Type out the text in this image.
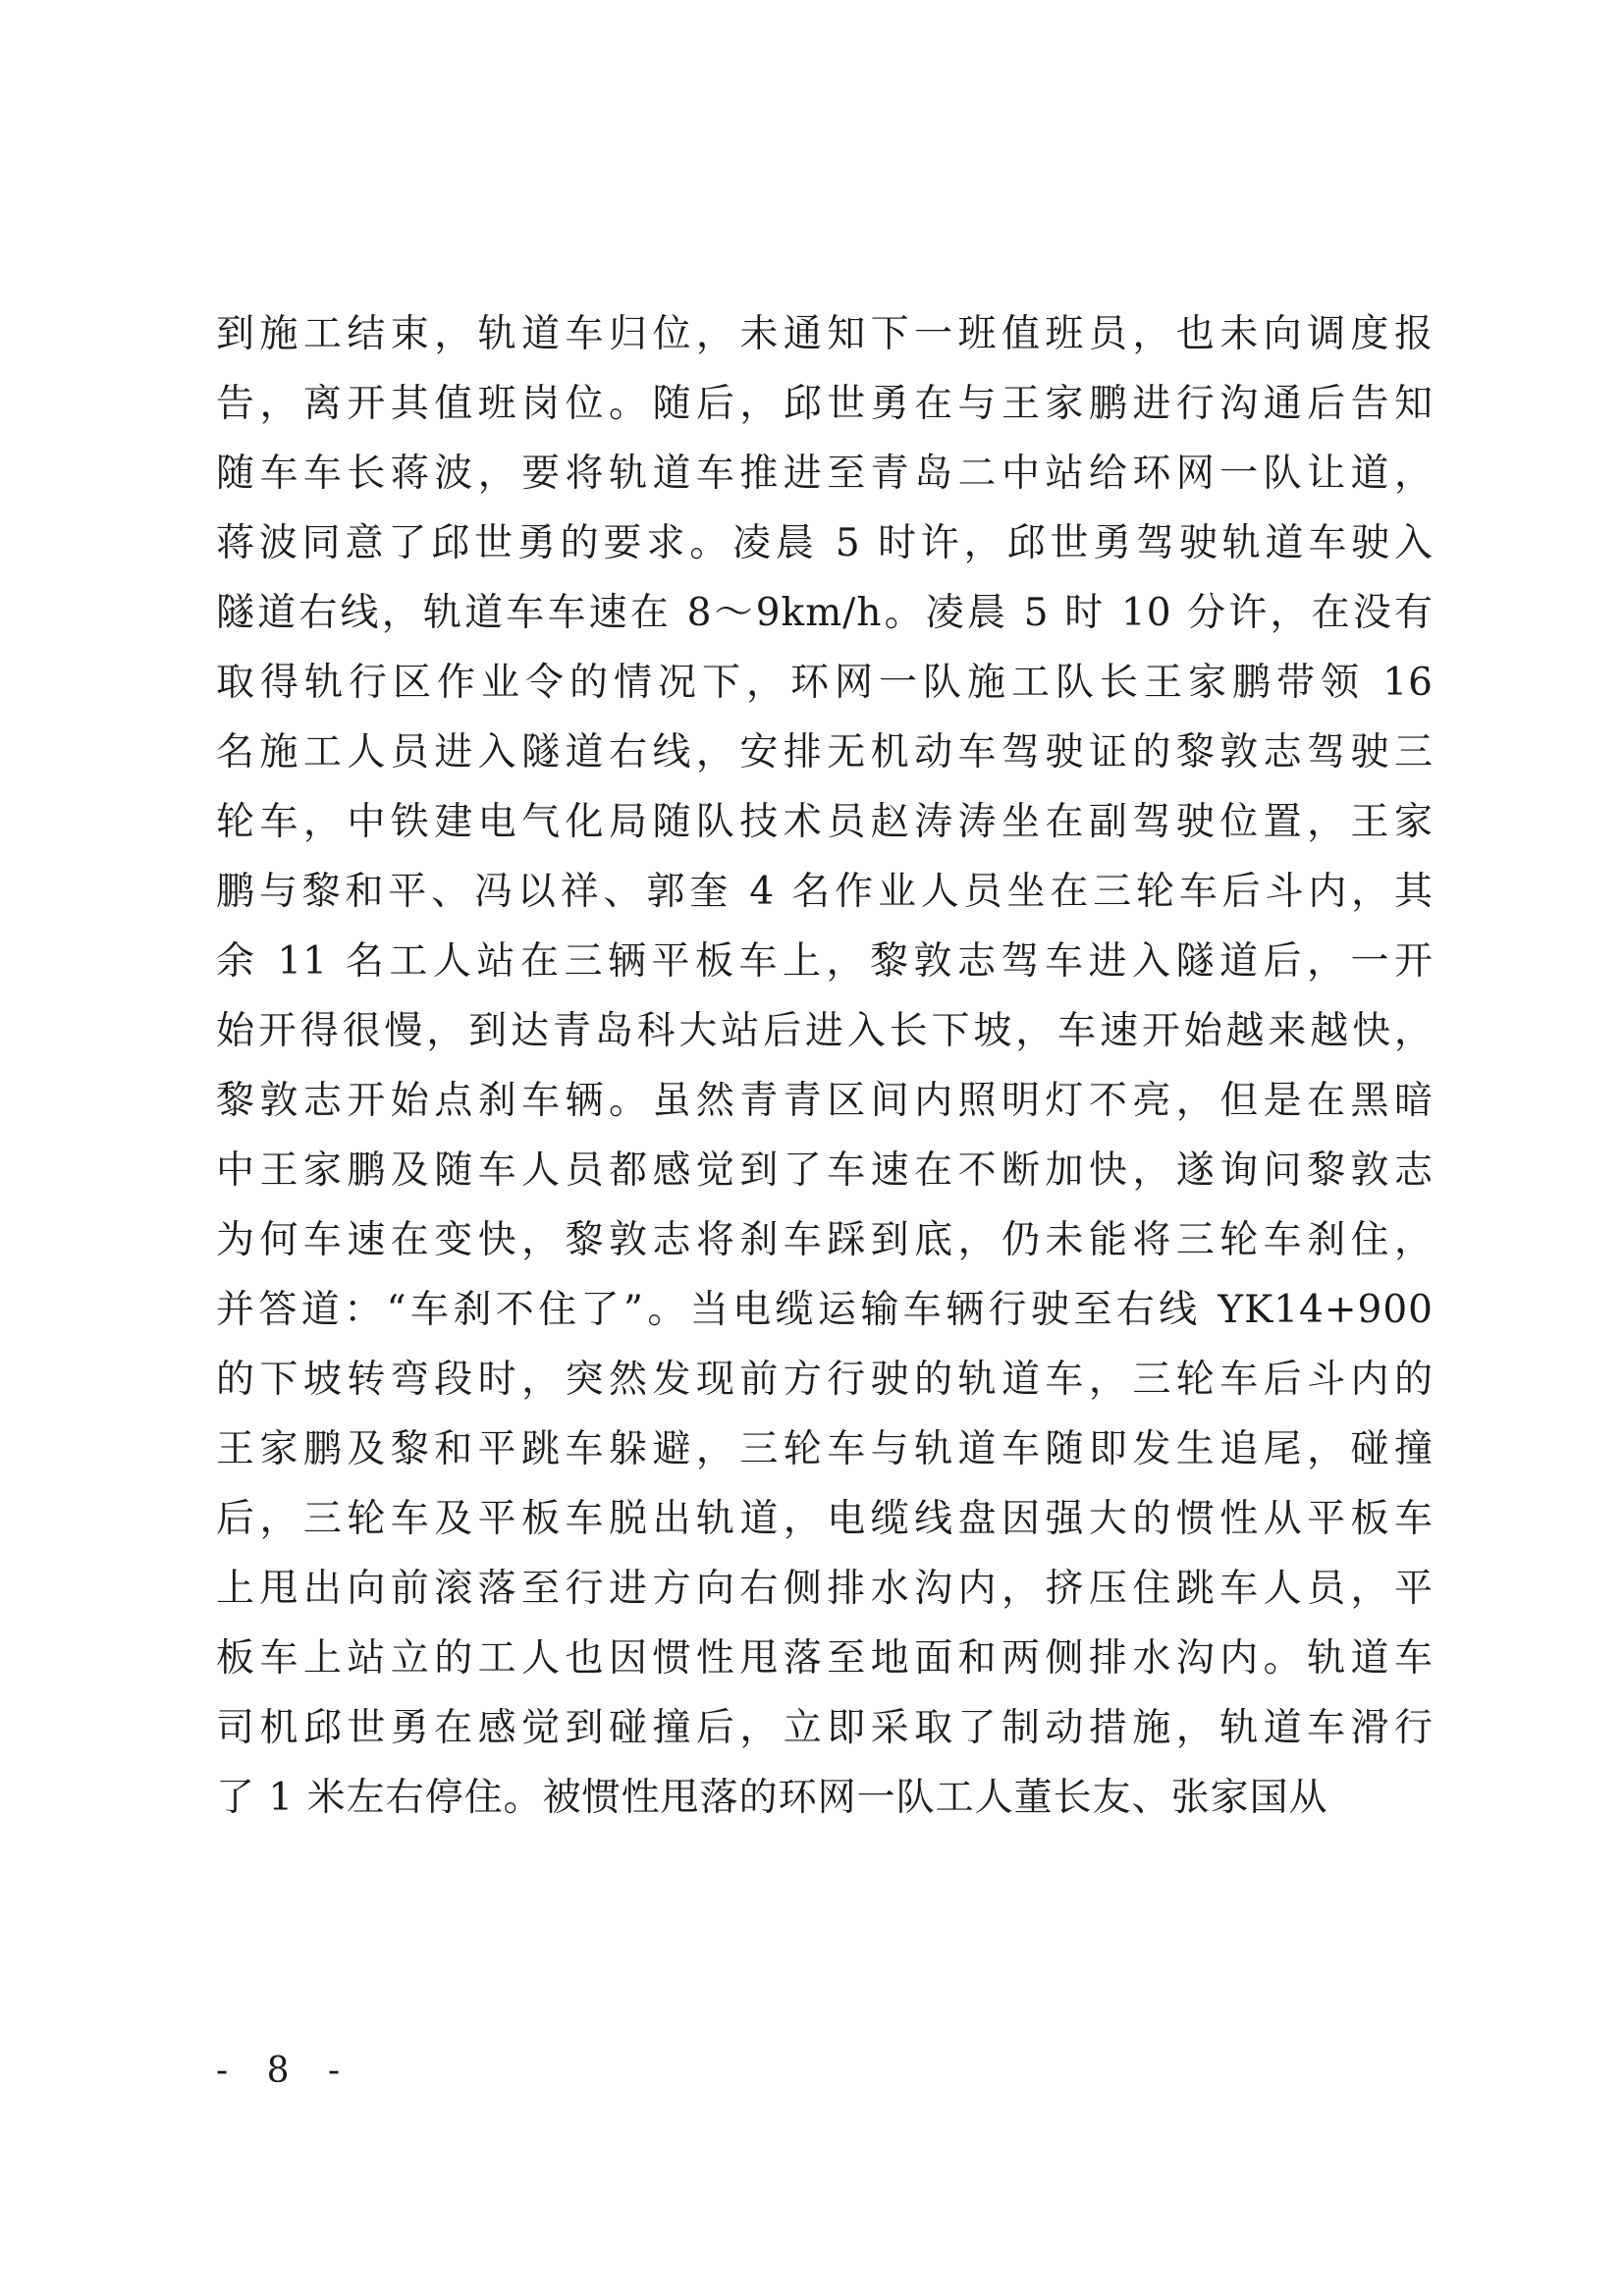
到施工结束，轨道车归位，未通知下一班值班员，也未向调度报
告，离开其值班岗位。随后，邱世勇在与王家鹏进行沟通后告知
随车车长蒋波，要将轨道车推进至青岛二中站给环网一队让道，
蒋波同意了邱世勇的要求。凌晨 5 时许，邱世勇驾驶轨道车驶入
隧道右线，轨道车车速在 8～9km/h。凌晨 5 时 10 分许，在没有
取得轨行区作业令的情况下，环网一队施工队长王家鹏带领 16
名施工人员进入隧道右线，安排无机动车驾驶证的黎敦志驾驶三
轮车，中铁建电气化局随队技术员赵涛涛坐在副驾驶位置，王家
鹏与黎和平、冯以祥、郭奎 4 名作业人员坐在三轮车后斗内，其
余 11 名工人站在三辆平板车上，黎敦志驾车进入隧道后，一开
始开得很慢，到达青岛科大站后进入长下坡，车速开始越来越快，
黎敦志开始点刹车辆。虽然青青区间内照明灯不亮，但是在黑暗
中王家鹏及随车人员都感觉到了车速在不断加快，遂询问黎敦志
为何车速在变快，黎敦志将刹车踩到底，仍未能将三轮车刹住，
并答道：“车刹不住了”。当电缆运输车辆行驶至右线 YK14+900
的下坡转弯段时，突然发现前方行驶的轨道车，三轮车后斗内的
王家鹏及黎和平跳车躲避，三轮车与轨道车随即发生追尾，碰撞
后，三轮车及平板车脱出轨道，电缆线盘因强大的惯性从平板车
上甩出向前滚落至行进方向右侧排水沟内，挤压住跳车人员，平
板车上站立的工人也因惯性甩落至地面和两侧排水沟内。轨道车
司机邱世勇在感觉到碰撞后，立即采取了制动措施，轨道车滑行
了 1 米左右停住。被惯性甩落的环网一队工人董长友、张家国从
- 8 -
